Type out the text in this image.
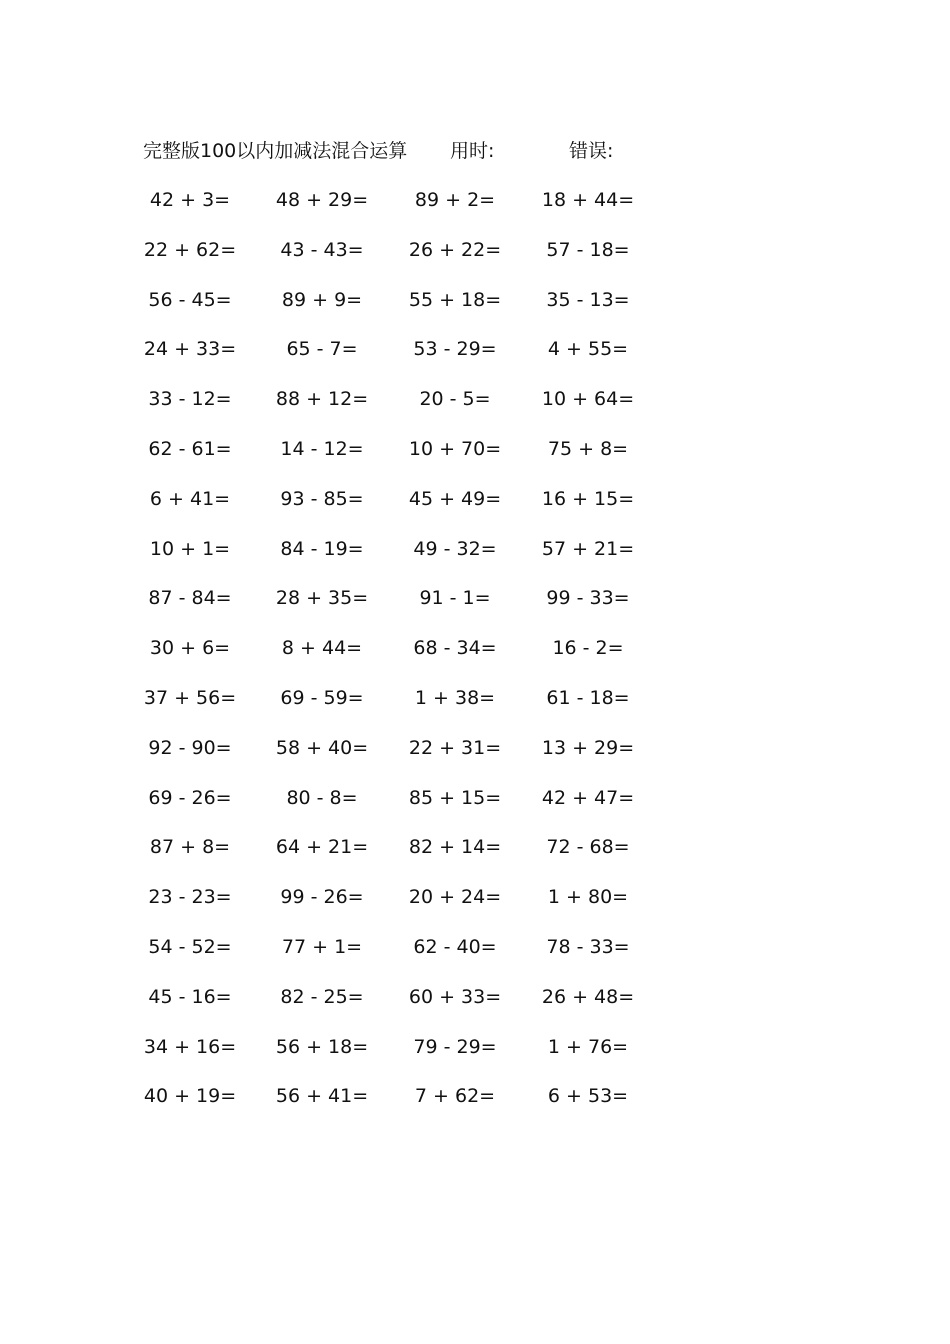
完整版100以内加减法混合运算 用时:	错误:
42 + 3=	48 + 29=	89 + 2=	18 + 44=
22 + 62=	43 - 43=	26 + 22=	57 - 18=
56 - 45=	89 + 9=	55 + 18=	35 - 13=
24 + 33=	65 - 7=	53 - 29=	4 + 55=
33 - 12=	88 + 12=	20 - 5=	10 + 64=
62 - 61=	14 - 12=	10 + 70=	75 + 8=
6 + 41=	93 - 85=	45 + 49=	16 + 15=
10 + 1=	84 - 19=	49 - 32=	57 + 21=
87 - 84=	28 + 35=	91 - 1=	99 - 33=
30 + 6=	8 + 44=	68 - 34=	16 - 2=
37 + 56=	69 - 59=	1 + 38=	61 - 18=
92 - 90=	58 + 40=	22 + 31=	13 + 29=
69 - 26=	80 - 8=	85 + 15=	42 + 47=
87 + 8=	64 + 21=	82 + 14=	72 - 68=
23 - 23=	99 - 26=	20 + 24=	1 + 80=
54 - 52=	77 + 1=	62 - 40=	78 - 33=
45 - 16=	82 - 25=	60 + 33=	26 + 48=
34 + 16=	56 + 18=	79 - 29=	1 + 76=
40 + 19=	56 + 41=	7 + 62=	6 + 53=
